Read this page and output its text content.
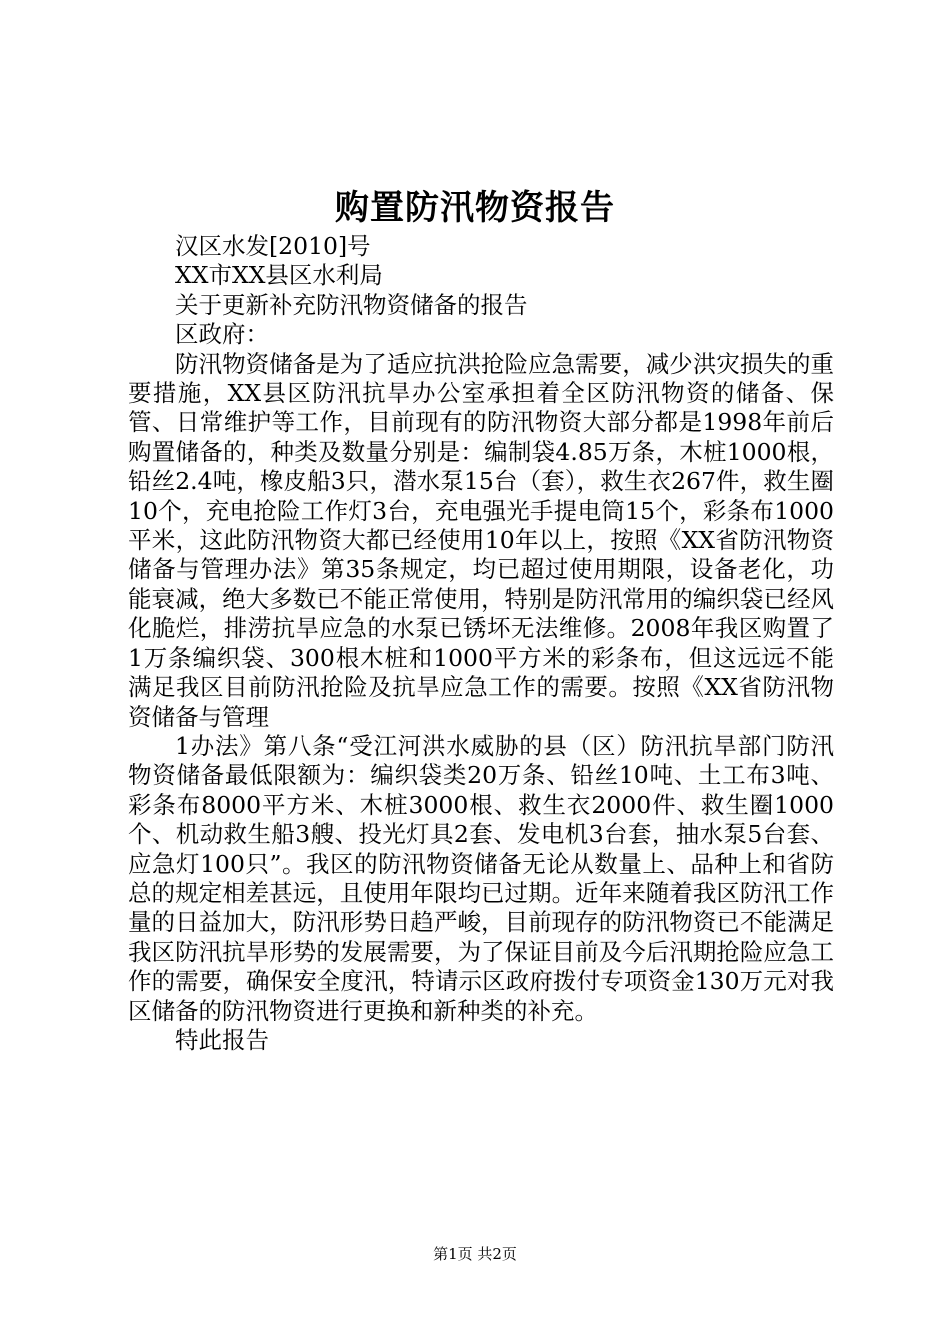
购置防汛物资报告

汉区水发[2010]号

XX市XX县区水利局

关于更新补充防汛物资储备的报告

区政府：

防汛物资储备是为了适应抗洪抢险应急需要，减少洪灾损失的重要措施，XX县区防汛抗旱办公室承担着全区防汛物资的储备、保管、日常维护等工作，目前现有的防汛物资大部分都是1998年前后购置储备的，种类及数量分别是：编制袋4.85万条，木桩1000根，铅丝2.4吨，橡皮船3只，潜水泵15台（套），救生衣267件，救生圈10个，充电抢险工作灯3台，充电强光手提电筒15个，彩条布1000平米，这此防汛物资大都已经使用10年以上，按照《XX省防汛物资储备与管理办法》第35条规定，均已超过使用期限，设备老化，功能衰减，绝大多数已不能正常使用，特别是防汛常用的编织袋已经风化脆烂，排涝抗旱应急的水泵已锈坏无法维修。2008年我区购置了1万条编织袋、300根木桩和1000平方米的彩条布，但这远远不能满足我区目前防汛抢险及抗旱应急工作的需要。按照《XX省防汛物资储备与管理

1办法》第八条“受江河洪水威胁的县（区）防汛抗旱部门防汛物资储备最低限额为：编织袋类20万条、铅丝10吨、土工布3吨、彩条布8000平方米、木桩3000根、救生衣2000件、救生圈1000个、机动救生船3艘、投光灯具2套、发电机3台套，抽水泵5台套、应急灯100只”。我区的防汛物资储备无论从数量上、品种上和省防总的规定相差甚远，且使用年限均已过期。近年来随着我区防汛工作量的日益加大，防汛形势日趋严峻，目前现存的防汛物资已不能满足我区防汛抗旱形势的发展需要，为了保证目前及今后汛期抢险应急工作的需要，确保安全度汛，特请示区政府拨付专项资金130万元对我区储备的防汛物资进行更换和新种类的补充。

特此报告

第1页 共2页
